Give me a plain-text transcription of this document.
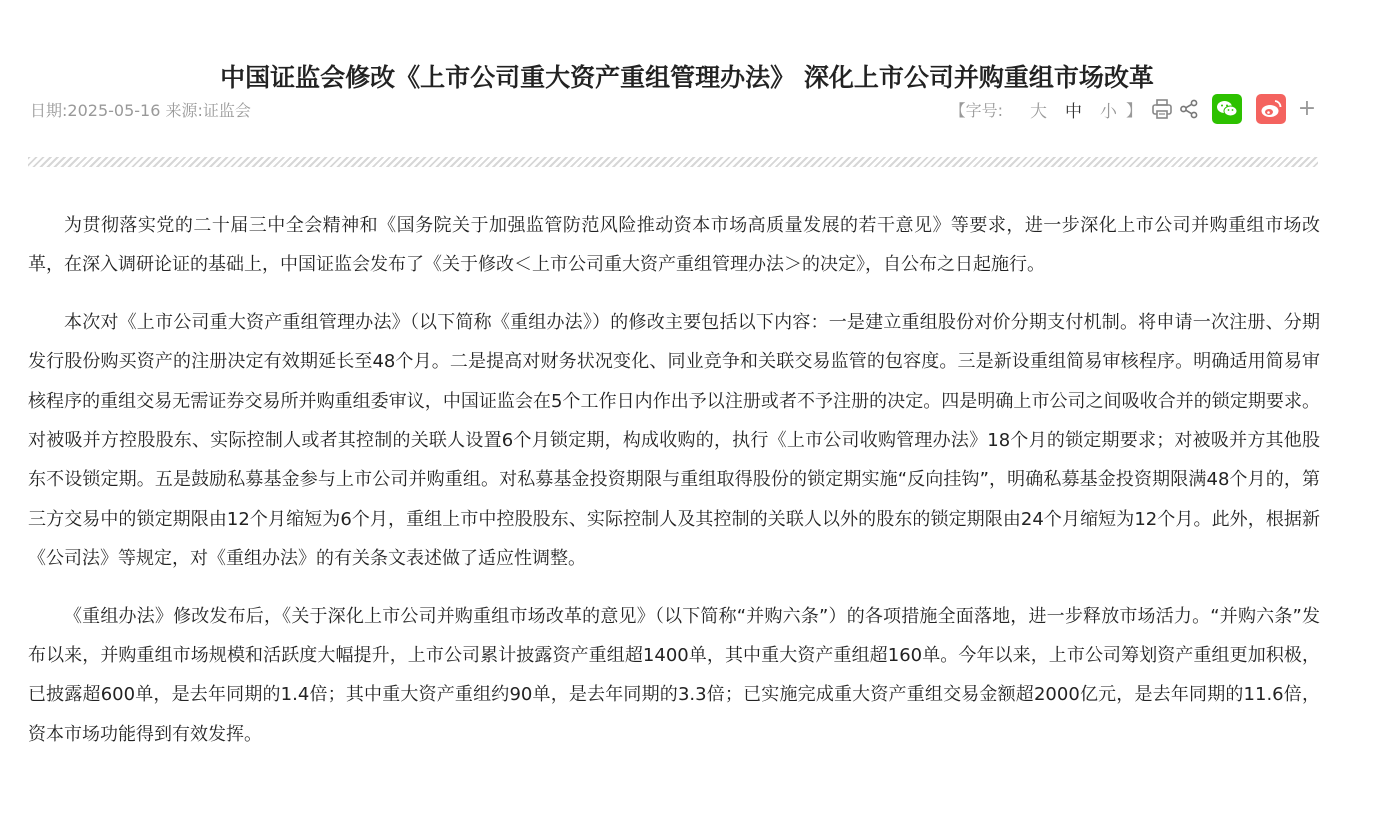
中国证监会修改《上市公司重大资产重组管理办法》 深化上市公司并购重组市场改革
日期:2025-05-16 来源:证监会	【字号: 大 中 小 】	+

为贯彻落实党的二十届三中全会精神和《国务院关于加强监管防范风险推动资本市场高质量发展的若干意见》等要求，进一步深化上市公司并购重组市场改革，在深入调研论证的基础上，中国证监会发布了《关于修改＜上市公司重大资产重组管理办法＞的决定》，自公布之日起施行。

本次对《上市公司重大资产重组管理办法》（以下简称《重组办法》）的修改主要包括以下内容：一是建立重组股份对价分期支付机制。将申请一次注册、分期发行股份购买资产的注册决定有效期延长至48个月。二是提高对财务状况变化、同业竞争和关联交易监管的包容度。三是新设重组简易审核程序。明确适用简易审核程序的重组交易无需证券交易所并购重组委审议，中国证监会在5个工作日内作出予以注册或者不予注册的决定。四是明确上市公司之间吸收合并的锁定期要求。对被吸并方控股股东、实际控制人或者其控制的关联人设置6个月锁定期，构成收购的，执行《上市公司收购管理办法》18个月的锁定期要求；对被吸并方其他股东不设锁定期。五是鼓励私募基金参与上市公司并购重组。对私募基金投资期限与重组取得股份的锁定期实施“反向挂钩”，明确私募基金投资期限满48个月的，第三方交易中的锁定期限由12个月缩短为6个月，重组上市中控股股东、实际控制人及其控制的关联人以外的股东的锁定期限由24个月缩短为12个月。此外，根据新《公司法》等规定，对《重组办法》的有关条文表述做了适应性调整。

《重组办法》修改发布后，《关于深化上市公司并购重组市场改革的意见》（以下简称“并购六条”）的各项措施全面落地，进一步释放市场活力。“并购六条”发布以来，并购重组市场规模和活跃度大幅提升，上市公司累计披露资产重组超1400单，其中重大资产重组超160单。今年以来，上市公司筹划资产重组更加积极，已披露超600单，是去年同期的1.4倍；其中重大资产重组约90单，是去年同期的3.3倍；已实施完成重大资产重组交易金额超2000亿元，是去年同期的11.6倍，资本市场功能得到有效发挥。
